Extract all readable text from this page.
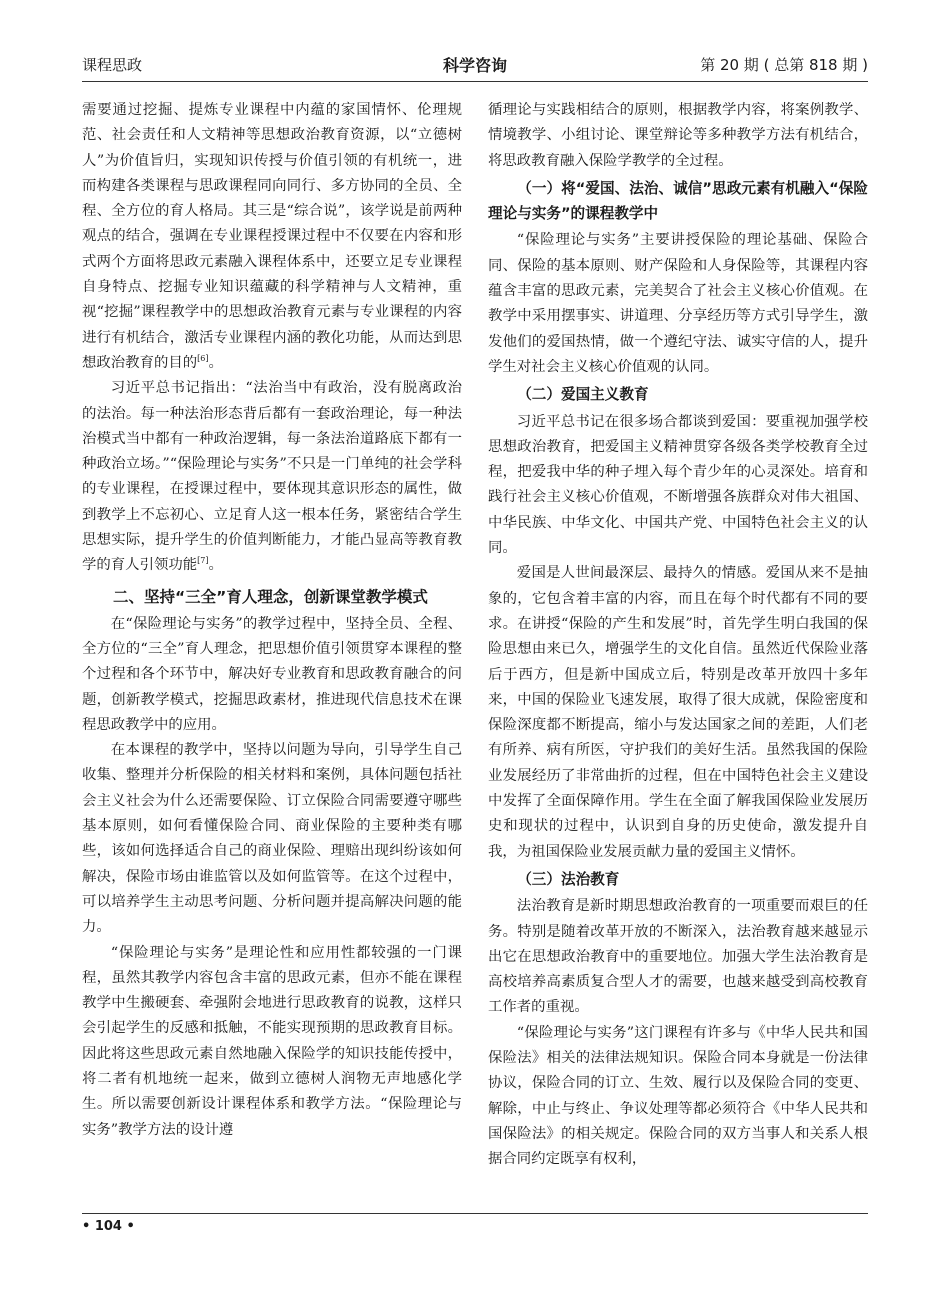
课程思政	科学咨询	第 20 期 ( 总第 818 期 )

需要通过挖掘、提炼专业课程中内蕴的家国情怀、伦理规范、社会责任和人文精神等思想政治教育资源，以“立德树人”为价值旨归，实现知识传授与价值引领的有机统一，进而构建各类课程与思政课程同向同行、多方协同的全员、全程、全方位的育人格局。其三是“综合说”，该学说是前两种观点的结合，强调在专业课程授课过程中不仅要在内容和形式两个方面将思政元素融入课程体系中，还要立足专业课程自身特点、挖掘专业知识蕴藏的科学精神与人文精神，重视“挖掘”课程教学中的思想政治教育元素与专业课程的内容进行有机结合，激活专业课程内涵的教化功能，从而达到思想政治教育的目的[6]。

习近平总书记指出：“法治当中有政治，没有脱离政治的法治。每一种法治形态背后都有一套政治理论，每一种法治模式当中都有一种政治逻辑，每一条法治道路底下都有一种政治立场。”“保险理论与实务”不只是一门单纯的社会学科的专业课程，在授课过程中，要体现其意识形态的属性，做到教学上不忘初心、立足育人这一根本任务，紧密结合学生思想实际，提升学生的价值判断能力，才能凸显高等教育教学的育人引领功能[7]。

二、坚持“三全”育人理念，创新课堂教学模式

在“保险理论与实务”的教学过程中，坚持全员、全程、全方位的“三全”育人理念，把思想价值引领贯穿本课程的整个过程和各个环节中，解决好专业教育和思政教育融合的问题，创新教学模式，挖掘思政素材，推进现代信息技术在课程思政教学中的应用。

在本课程的教学中，坚持以问题为导向，引导学生自己收集、整理并分析保险的相关材料和案例，具体问题包括社会主义社会为什么还需要保险、订立保险合同需要遵守哪些基本原则，如何看懂保险合同、商业保险的主要种类有哪些，该如何选择适合自己的商业保险、理赔出现纠纷该如何解决，保险市场由谁监管以及如何监管等。在这个过程中，可以培养学生主动思考问题、分析问题并提高解决问题的能力。

“保险理论与实务”是理论性和应用性都较强的一门课程，虽然其教学内容包含丰富的思政元素，但亦不能在课程教学中生搬硬套、牵强附会地进行思政教育的说教，这样只会引起学生的反感和抵触，不能实现预期的思政教育目标。因此将这些思政元素自然地融入保险学的知识技能传授中，将二者有机地统一起来，做到立德树人润物无声地感化学生。所以需要创新设计课程体系和教学方法。“保险理论与实务”教学方法的设计遵

循理论与实践相结合的原则，根据教学内容，将案例教学、情境教学、小组讨论、课堂辩论等多种教学方法有机结合，将思政教育融入保险学教学的全过程。

（一）将“爱国、法治、诚信”思政元素有机融入“保险理论与实务”的课程教学中

“保险理论与实务”主要讲授保险的理论基础、保险合同、保险的基本原则、财产保险和人身保险等，其课程内容蕴含丰富的思政元素，完美契合了社会主义核心价值观。在教学中采用摆事实、讲道理、分享经历等方式引导学生，激发他们的爱国热情，做一个遵纪守法、诚实守信的人，提升学生对社会主义核心价值观的认同。

（二）爱国主义教育

习近平总书记在很多场合都谈到爱国：要重视加强学校思想政治教育，把爱国主义精神贯穿各级各类学校教育全过程，把爱我中华的种子埋入每个青少年的心灵深处。培育和践行社会主义核心价值观，不断增强各族群众对伟大祖国、中华民族、中华文化、中国共产党、中国特色社会主义的认同。

爱国是人世间最深层、最持久的情感。爱国从来不是抽象的，它包含着丰富的内容，而且在每个时代都有不同的要求。在讲授“保险的产生和发展”时，首先学生明白我国的保险思想由来已久，增强学生的文化自信。虽然近代保险业落后于西方，但是新中国成立后，特别是改革开放四十多年来，中国的保险业飞速发展，取得了很大成就，保险密度和保险深度都不断提高，缩小与发达国家之间的差距，人们老有所养、病有所医，守护我们的美好生活。虽然我国的保险业发展经历了非常曲折的过程，但在中国特色社会主义建设中发挥了全面保障作用。学生在全面了解我国保险业发展历史和现状的过程中，认识到自身的历史使命，激发提升自我，为祖国保险业发展贡献力量的爱国主义情怀。

（三）法治教育

法治教育是新时期思想政治教育的一项重要而艰巨的任务。特别是随着改革开放的不断深入，法治教育越来越显示出它在思想政治教育中的重要地位。加强大学生法治教育是高校培养高素质复合型人才的需要，也越来越受到高校教育工作者的重视。

“保险理论与实务”这门课程有许多与《中华人民共和国保险法》相关的法律法规知识。保险合同本身就是一份法律协议，保险合同的订立、生效、履行以及保险合同的变更、解除，中止与终止、争议处理等都必须符合《中华人民共和国保险法》的相关规定。保险合同的双方当事人和关系人根据合同约定既享有权利，

• 104 •
